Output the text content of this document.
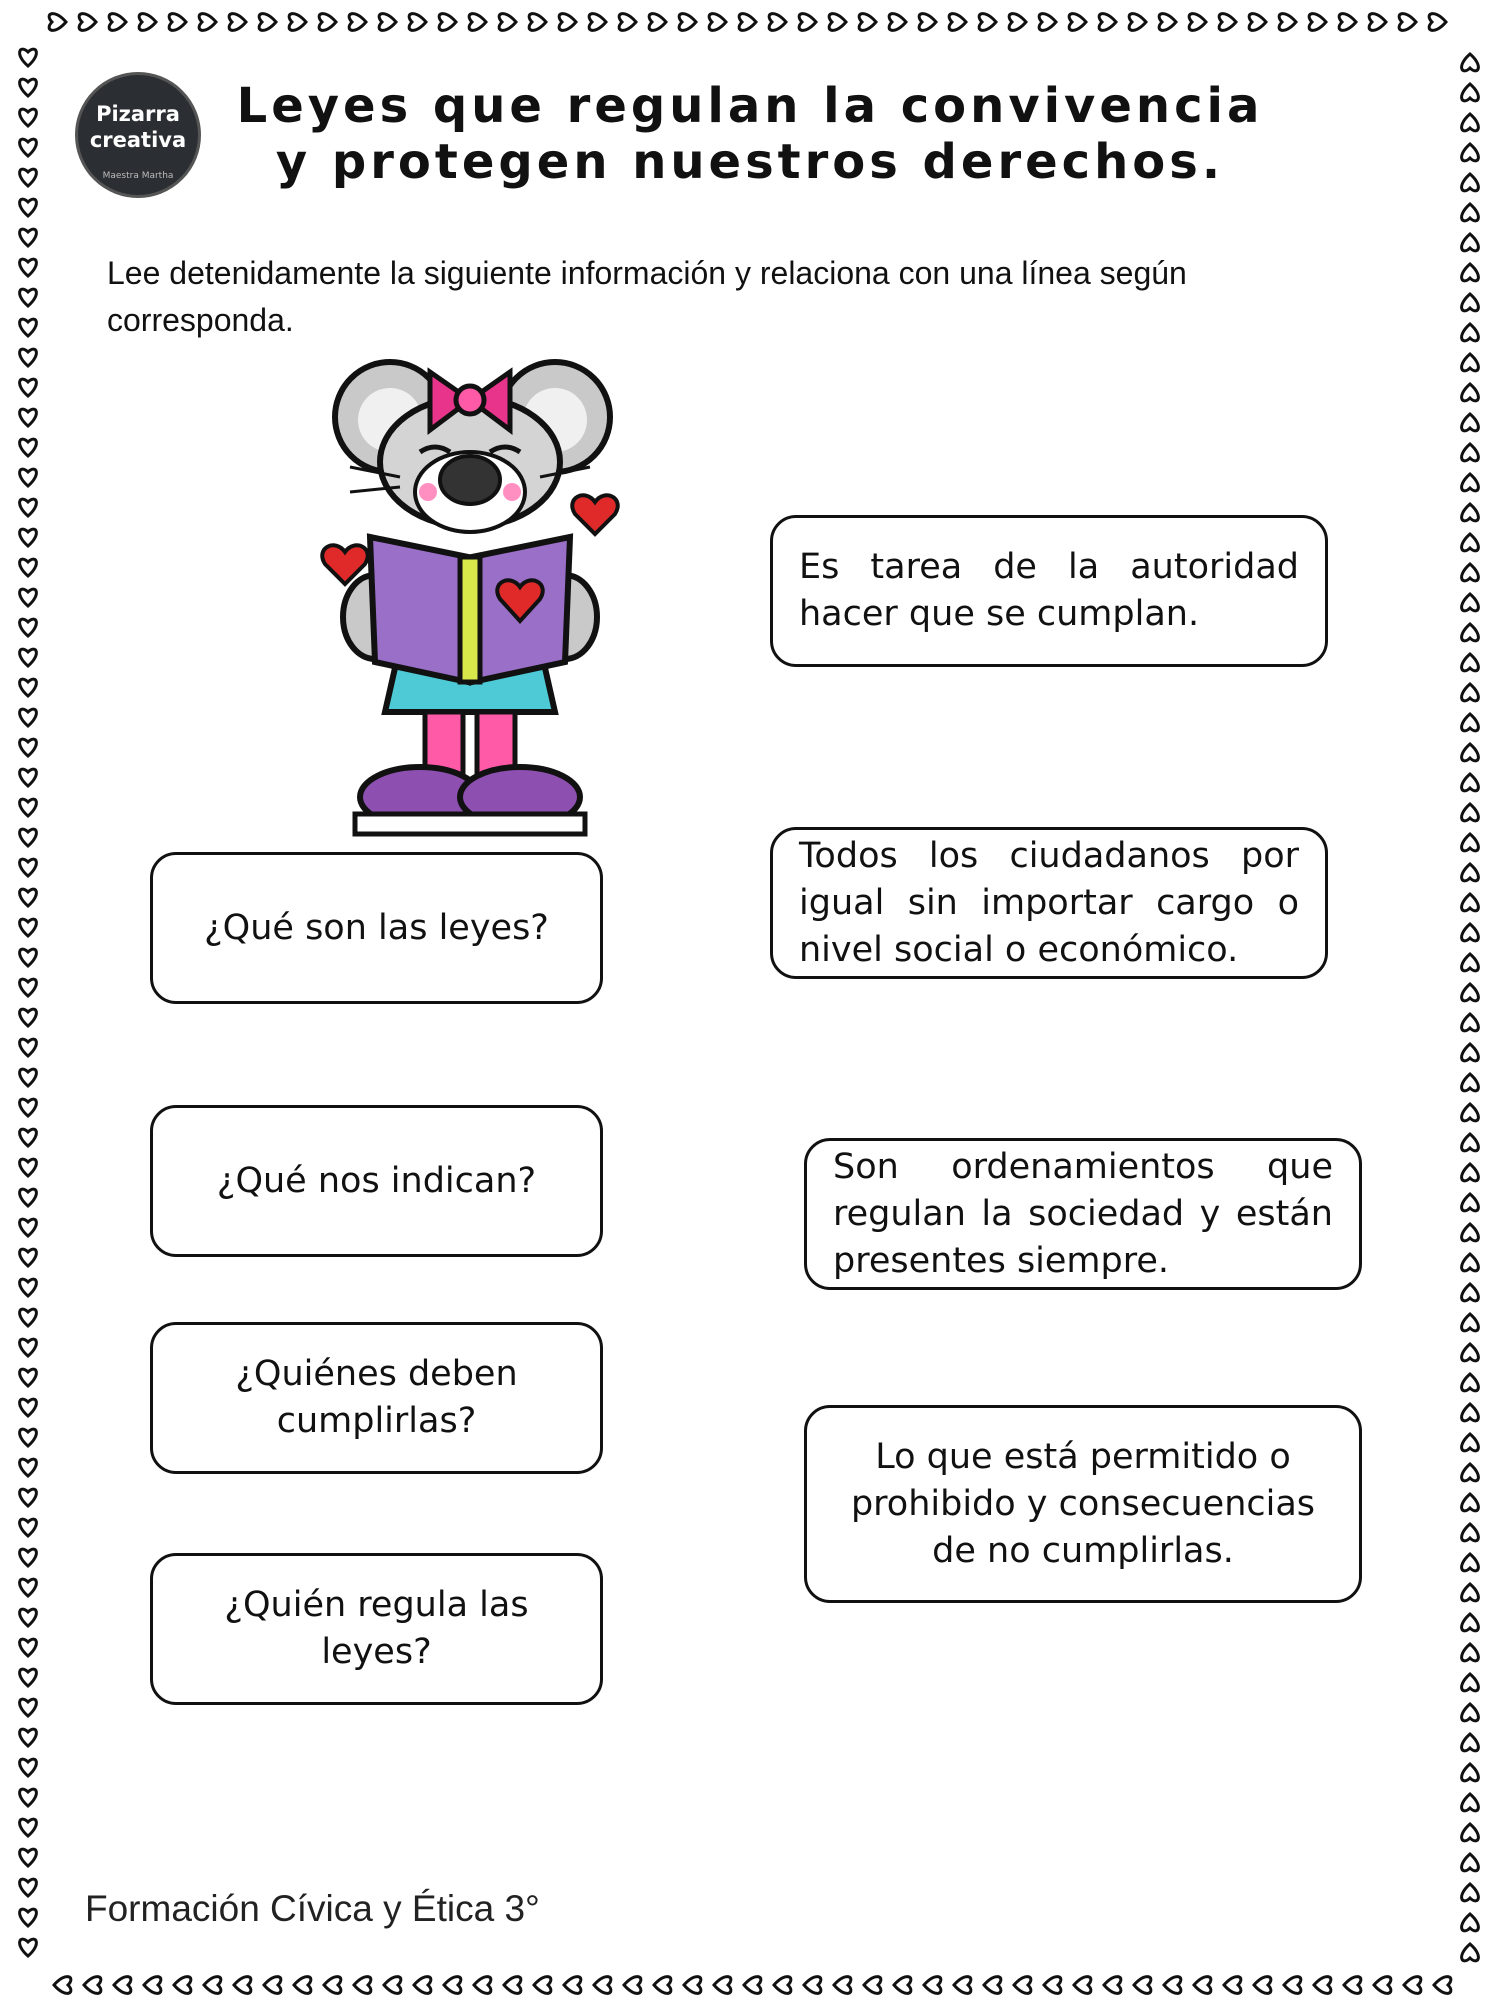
Pizarra
creativa
Maestra Martha
Leyes que regulan la convivencia
y protegen nuestros derechos.
Lee detenidamente la siguiente información y relaciona con una línea según corresponda.
¿Qué son las leyes?
¿Qué nos indican?
¿Quiénes deben cumplirlas?
¿Quién regula las leyes?
Es tarea de la autoridad hacer que se cumplan.
Todos los ciudadanos por igual sin importar cargo o nivel social o económico.
Son ordenamientos que regulan la sociedad y están presentes siempre.
Lo que está permitido o prohibido y consecuencias de no cumplirlas.
Formación Cívica y Ética 3°
